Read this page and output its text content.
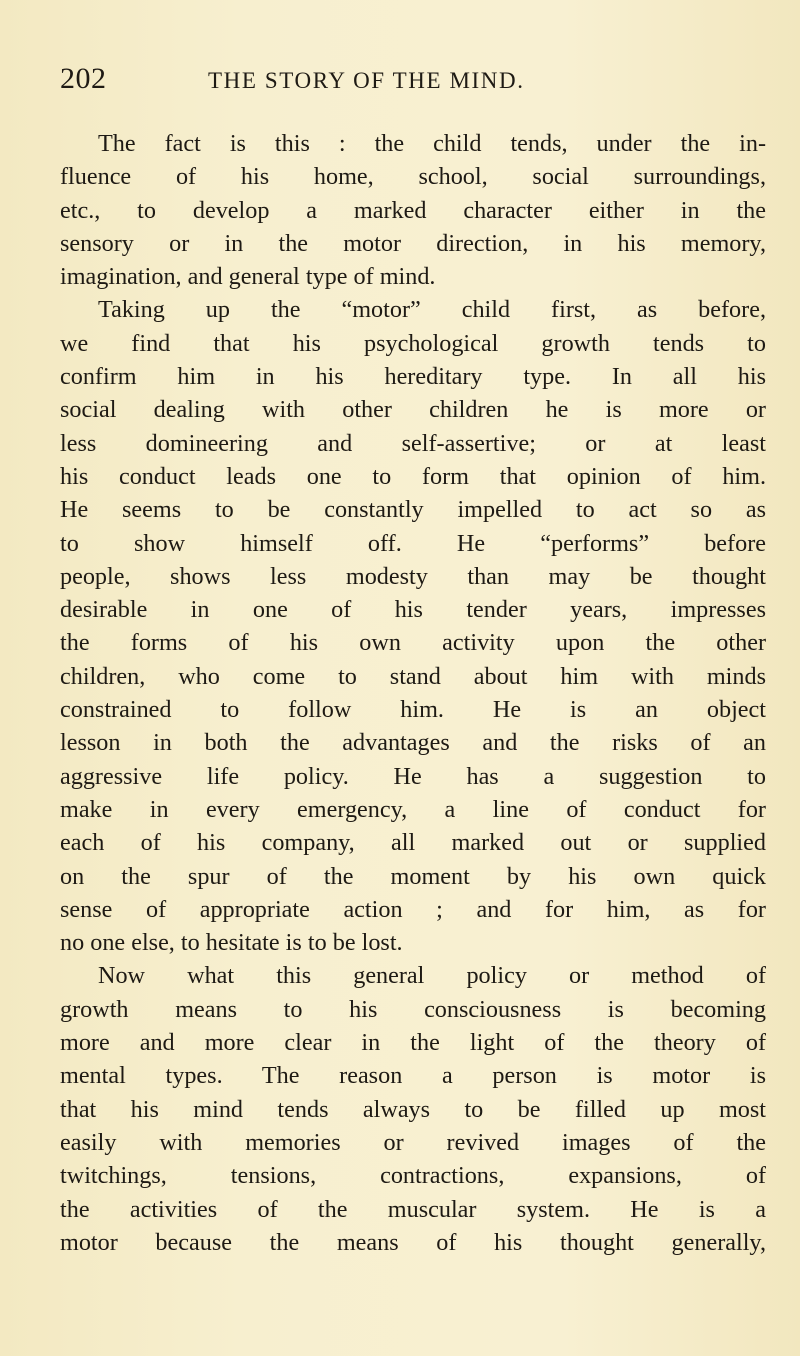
202	THE STORY OF THE MIND.
The fact is this : the child tends, under the in-
fluence of his home, school, social surroundings,
etc., to develop a marked character either in the
sensory or in the motor direction, in his memory,
imagination, and general type of mind.
Taking up the “motor” child first, as before,
we find that his psychological growth tends to
confirm him in his hereditary type. In all his
social dealing with other children he is more or
less domineering and self-assertive; or at least
his conduct leads one to form that opinion of him.
He seems to be constantly impelled to act so as
to show himself off. He “performs” before
people, shows less modesty than may be thought
desirable in one of his tender years, impresses
the forms of his own activity upon the other
children, who come to stand about him with minds
constrained to follow him. He is an object
lesson in both the advantages and the risks of an
aggressive life policy. He has a suggestion to
make in every emergency, a line of conduct for
each of his company, all marked out or supplied
on the spur of the moment by his own quick
sense of appropriate action ; and for him, as for
no one else, to hesitate is to be lost.
Now what this general policy or method of
growth means to his consciousness is becoming
more and more clear in the light of the theory of
mental types. The reason a person is motor is
that his mind tends always to be filled up most
easily with memories or revived images of the
twitchings, tensions, contractions, expansions, of
the activities of the muscular system. He is a
motor because the means of his thought generally,
